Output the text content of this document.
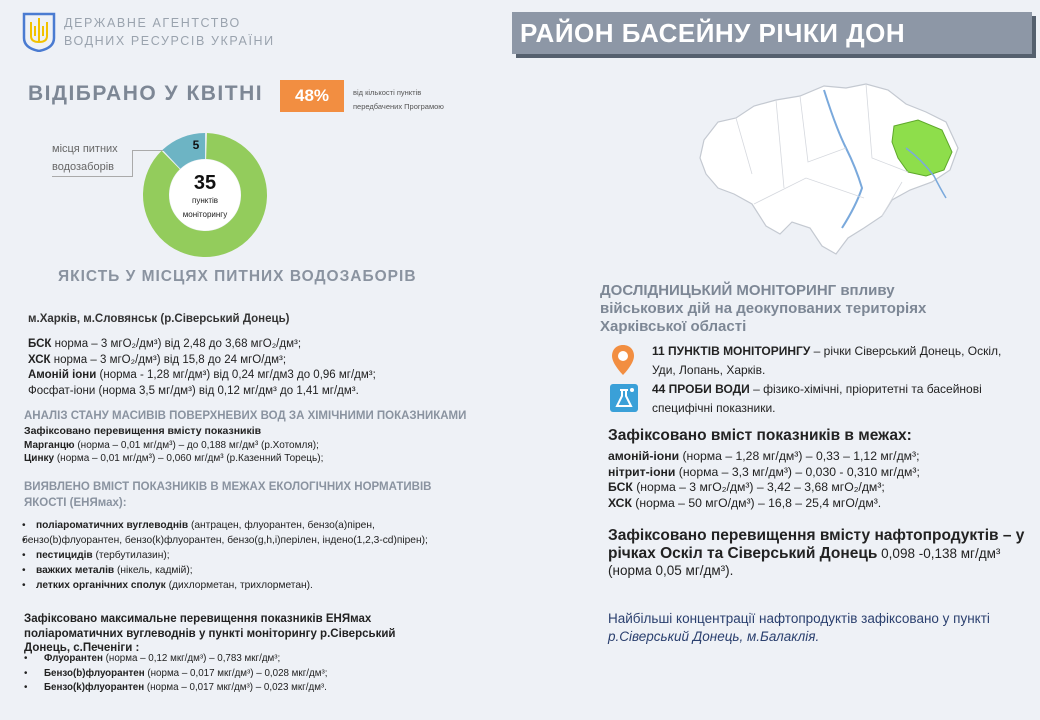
ДЕРЖАВНЕ АГЕНТСТВО
ВОДНИХ РЕСУРСІВ УКРАЇНИ	РАЙОН БАСЕЙНУ РІЧКИ ДОН
ВІДІБРАНО У КВІТНІ	48%	від кількості пунктів
передбачених Програмою
місця питних
водозаборів
35
пунктів
моніторингу
5
ЯКІСТЬ У МІСЦЯХ ПИТНИХ ВОДОЗАБОРІВ
м.Харків, м.Словянськ (р.Сіверський Донець)
БСК норма – 3 мгО₂/дм³) від 2,48 до 3,68 мгО₂/дм³;
ХСК норма – 3 мгО₂/дм³) від 15,8 до 24 мгО/дм³;
Амоній іони (норма - 1,28 мг/дм³) від 0,24 мг/дм3 до 0,96 мг/дм³;
Фосфат-іони (норма 3,5 мг/дм³) від 0,12 мг/дм³ до 1,41 мг/дм³.
АНАЛІЗ СТАНУ МАСИВІВ ПОВЕРХНЕВИХ ВОД ЗА ХІМІЧНИМИ ПОКАЗНИКАМИ
Зафіксовано перевищення вмісту показників
Марганцю (норма – 0,01 мг/дм³) – до 0,188 мг/дм³ (р.Хотомля);
Цинку (норма – 0,01 мг/дм³) – 0,060 мг/дм³ (р.Казенний Торець);
ВИЯВЛЕНО ВМІСТ ПОКАЗНИКІВ В МЕЖАХ ЕКОЛОГІЧНИХ НОРМАТИВІВ
ЯКОСТІ (ЕНЯмах):
• поліароматичних вуглеводнів (антрацен, флуорантен, бензо(а)пірен,
• бензо(b)флуорантен, бензо(k)флуорантен, бензо(g,h,i)перілен, індено(1,2,3-cd)пірен);
• пестицидів (тербутилазин);
• важких металів (нікель, кадмій);
• летких органічних сполук (дихлорметан, трихлорметан).
Зафіксовано максимальне перевищення показників ЕНЯмах
поліароматичних вуглеводнів у пункті моніторингу р.Сіверський
Донець, с.Печеніги :
• Флуорантен (норма – 0,12 мкг/дм³) – 0,783 мкг/дм³;
• Бензо(b)флуорантен (норма – 0,017 мкг/дм³) – 0,028 мкг/дм³;
• Бензо(k)флуорантен (норма – 0,017 мкг/дм³) – 0,023 мкг/дм³.
ДОСЛІДНИЦЬКИЙ МОНІТОРИНГ впливу
військових дій на деокупованих територіях
Харківської області
11 ПУНКТІВ МОНІТОРИНГУ – річки Сіверський Донець, Оскіл, Уди, Лопань, Харків.
44 ПРОБИ ВОДИ – фізико-хімічні, пріоритетні та басейнові специфічні показники.
Зафіксовано вміст показників в межах:
амоній-іони (норма – 1,28 мг/дм³) – 0,33 – 1,12 мг/дм³;
нітрит-іони (норма – 3,3 мг/дм³) – 0,030 - 0,310 мг/дм³;
БСК (норма – 3 мгО₂/дм³) – 3,42 – 3,68 мгО₂/дм³;
ХСК (норма – 50 мгО/дм³) – 16,8 – 25,4 мгО/дм³.
Зафіксовано перевищення вмісту нафтопродуктів – у річках Оскіл та Сіверський Донець 0,098 -0,138 мг/дм³ (норма 0,05 мг/дм³).
Найбільші концентрації нафтопродуктів зафіксовано у пункті р.Сіверський Донець, м.Балаклія.
